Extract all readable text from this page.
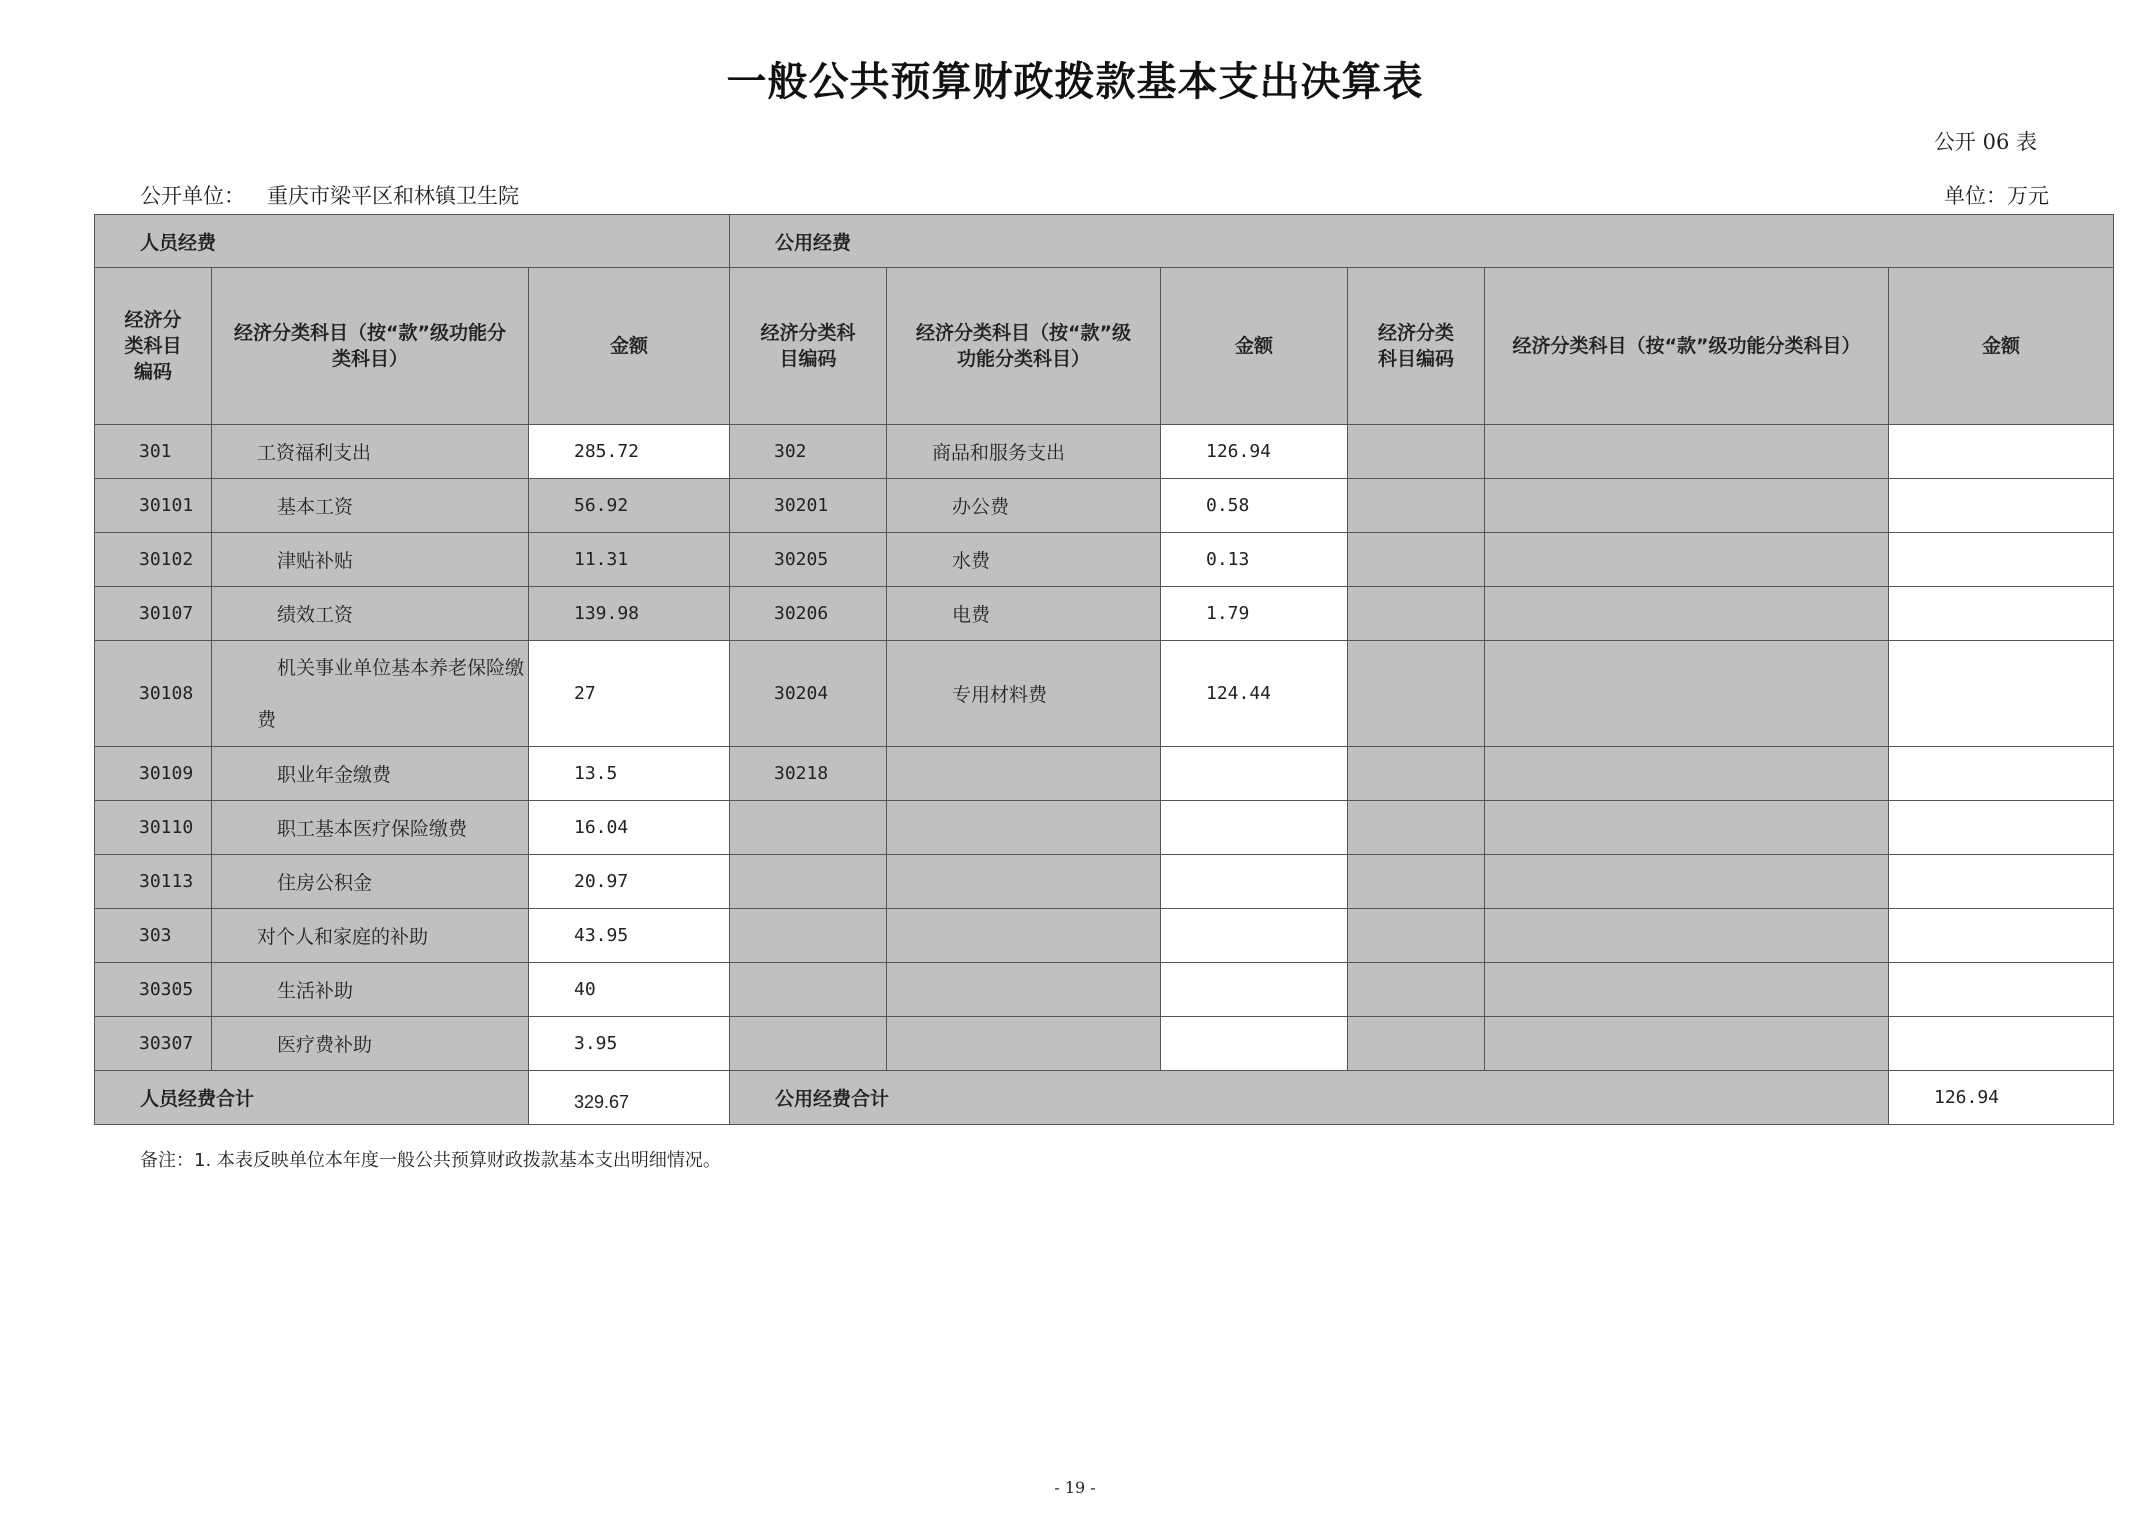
一般公共预算财政拨款基本支出决算表
公开 06 表
公开单位： 重庆市梁平区和林镇卫生院	单位：万元
人员经费			公用经费					

经济分类科目编码	经济分类科目（按“款”级功能分类科目）	金额	经济分类科目编码	经济分类科目（按“款”级功能分类科目）	金额	经济分类科目编码	经济分类科目（按“款”级功能分类科目）	金额
301	工资福利支出	285.72	302	商品和服务支出	126.94			
30101	基本工资	56.92	30201	办公费	0.58			
30102	津贴补贴	11.31	30205	水费	0.13			
30107	绩效工资	139.98	30206	电费	1.79			
30108	机关事业单位基本养老保险缴费	27	30204	专用材料费	124.44			
30109	职业年金缴费	13.5	30218					
30110	职工基本医疗保险缴费	16.04						
30113	住房公积金	20.97						
303	对个人和家庭的补助	43.95						
30305	生活补助	40						
30307	医疗费补助	3.95						
人员经费合计		329.67	公用经费合计					126.94
备注：1. 本表反映单位本年度一般公共预算财政拨款基本支出明细情况。
- 19 -
